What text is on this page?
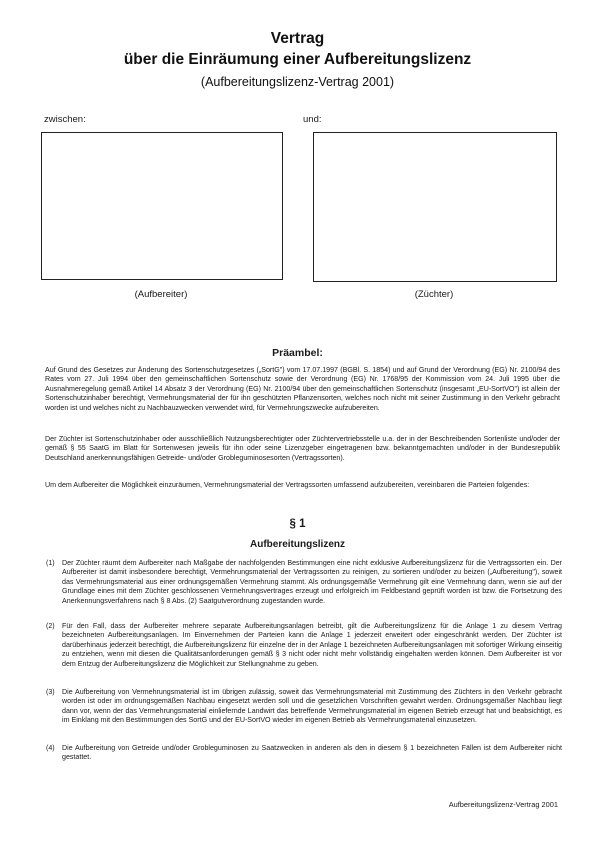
Vertrag
über die Einräumung einer Aufbereitungslizenz
(Aufbereitungslizenz-Vertrag 2001)
zwischen:	und:
(Aufbereiter)	(Züchter)
Präambel:
Auf Grund des Gesetzes zur Änderung des Sortenschutzgesetzes („SortG") vom 17.07.1997 (BGBl. S. 1854) und auf Grund der Verordnung (EG) Nr. 2100/94 des Rates vom 27. Juli 1994 über den gemeinschaftlichen Sortenschutz sowie der Verordnung (EG) Nr. 1768/95 der Kommission vom 24. Juli 1995 über die Ausnahmeregelung gemäß Artikel 14 Absatz 3 der Verordnung (EG) Nr. 2100/94 über den gemeinschaftlichen Sortenschutz (insgesamt „EU-SortVO") ist allein der Sortenschutzinhaber berechtigt, Vermehrungsmaterial der für ihn geschützten Pflanzensorten, welches noch nicht mit seiner Zustimmung in den Verkehr gebracht worden ist und welches nicht zu Nachbauzwecken verwendet wird, für Vermehrungszwecke aufzubereiten.
Der Züchter ist Sortenschutzinhaber oder ausschließlich Nutzungsberechtigter oder Züchtervertriebsstelle u.a. der in der Beschreibenden Sortenliste und/oder der gemäß § 55 SaatG im Blatt für Sortenwesen jeweils für ihn oder seine Lizenzgeber eingetragenen bzw. bekanntgemachten und/oder in der Bundesrepublik Deutschland anerkennungsfähigen Getreide- und/oder Grobleguminosesorten (Vertragssorten).
Um dem Aufbereiter die Möglichkeit einzuräumen, Vermehrungsmaterial der Vertragssorten umfassend aufzubereiten, vereinbaren die Parteien folgendes:
§ 1
Aufbereitungslizenz
(1) Der Züchter räumt dem Aufbereiter nach Maßgabe der nachfolgenden Bestimmungen eine nicht exklusive Aufbereitungslizenz für die Vertragssorten ein. Der Aufbereiter ist damit insbesondere berechtigt, Vermehrungsmaterial der Vertragssorten zu reinigen, zu sortieren und/oder zu beizen („Aufbereitung"), soweit das Vermehrungsmaterial aus einer ordnungsgemäßen Vermehrung stammt. Als ordnungsgemäße Vermehrung gilt eine Vermehrung dann, wenn sie auf der Grundlage eines mit dem Züchter geschlossenen Vermehrungsvertrages erzeugt und erfolgreich im Feldbestand geprüft worden ist bzw. die Fortsetzung des Anerkennungsverfahrens nach § 8 Abs. (2) Saatgutverordnung zugestanden wurde.
(2) Für den Fall, dass der Aufbereiter mehrere separate Aufbereitungsanlagen betreibt, gilt die Aufbereitungslizenz für die Anlage 1 zu diesem Vertrag bezeichneten Aufbereitungsanlagen. Im Einvernehmen der Parteien kann die Anlage 1 jederzeit erweitert oder eingeschränkt werden. Der Züchter ist darüberhinaus jederzeit berechtigt, die Aufbereitungslizenz für einzelne der in der Anlage 1 bezeichneten Aufbereitungsanlagen mit sofortiger Wirkung einseitig zu entziehen, wenn mit diesen die Qualitätsanforderungen gemäß § 3 nicht oder nicht mehr vollständig eingehalten werden können. Dem Aufbereiter ist vor dem Entzug der Aufbereitungslizenz die Möglichkeit zur Stellungnahme zu geben.
(3) Die Aufbereitung von Vermehrungsmaterial ist im übrigen zulässig, soweit das Vermehrungsmaterial mit Zustimmung des Züchters in den Verkehr gebracht worden ist oder im ordnungsgemäßen Nachbau eingesetzt werden soll und die gesetzlichen Vorschriften gewahrt werden. Ordnungsgemäßer Nachbau liegt dann vor, wenn der das Vermehrungsmaterial einliefernde Landwirt das betreffende Vermehrungsmaterial im eigenen Betrieb erzeugt hat und beabsichtigt, es im Einklang mit den Bestimmungen des SortG und der EU-SortVO wieder im eigenen Betrieb als Vermehrungsmaterial einzusetzen.
(4) Die Aufbereitung von Getreide und/oder Grobleguminosen zu Saatzwecken in anderen als den in diesem § 1 bezeichneten Fällen ist dem Aufbereiter nicht gestattet.
Aufbereitungslizenz-Vertrag 2001
